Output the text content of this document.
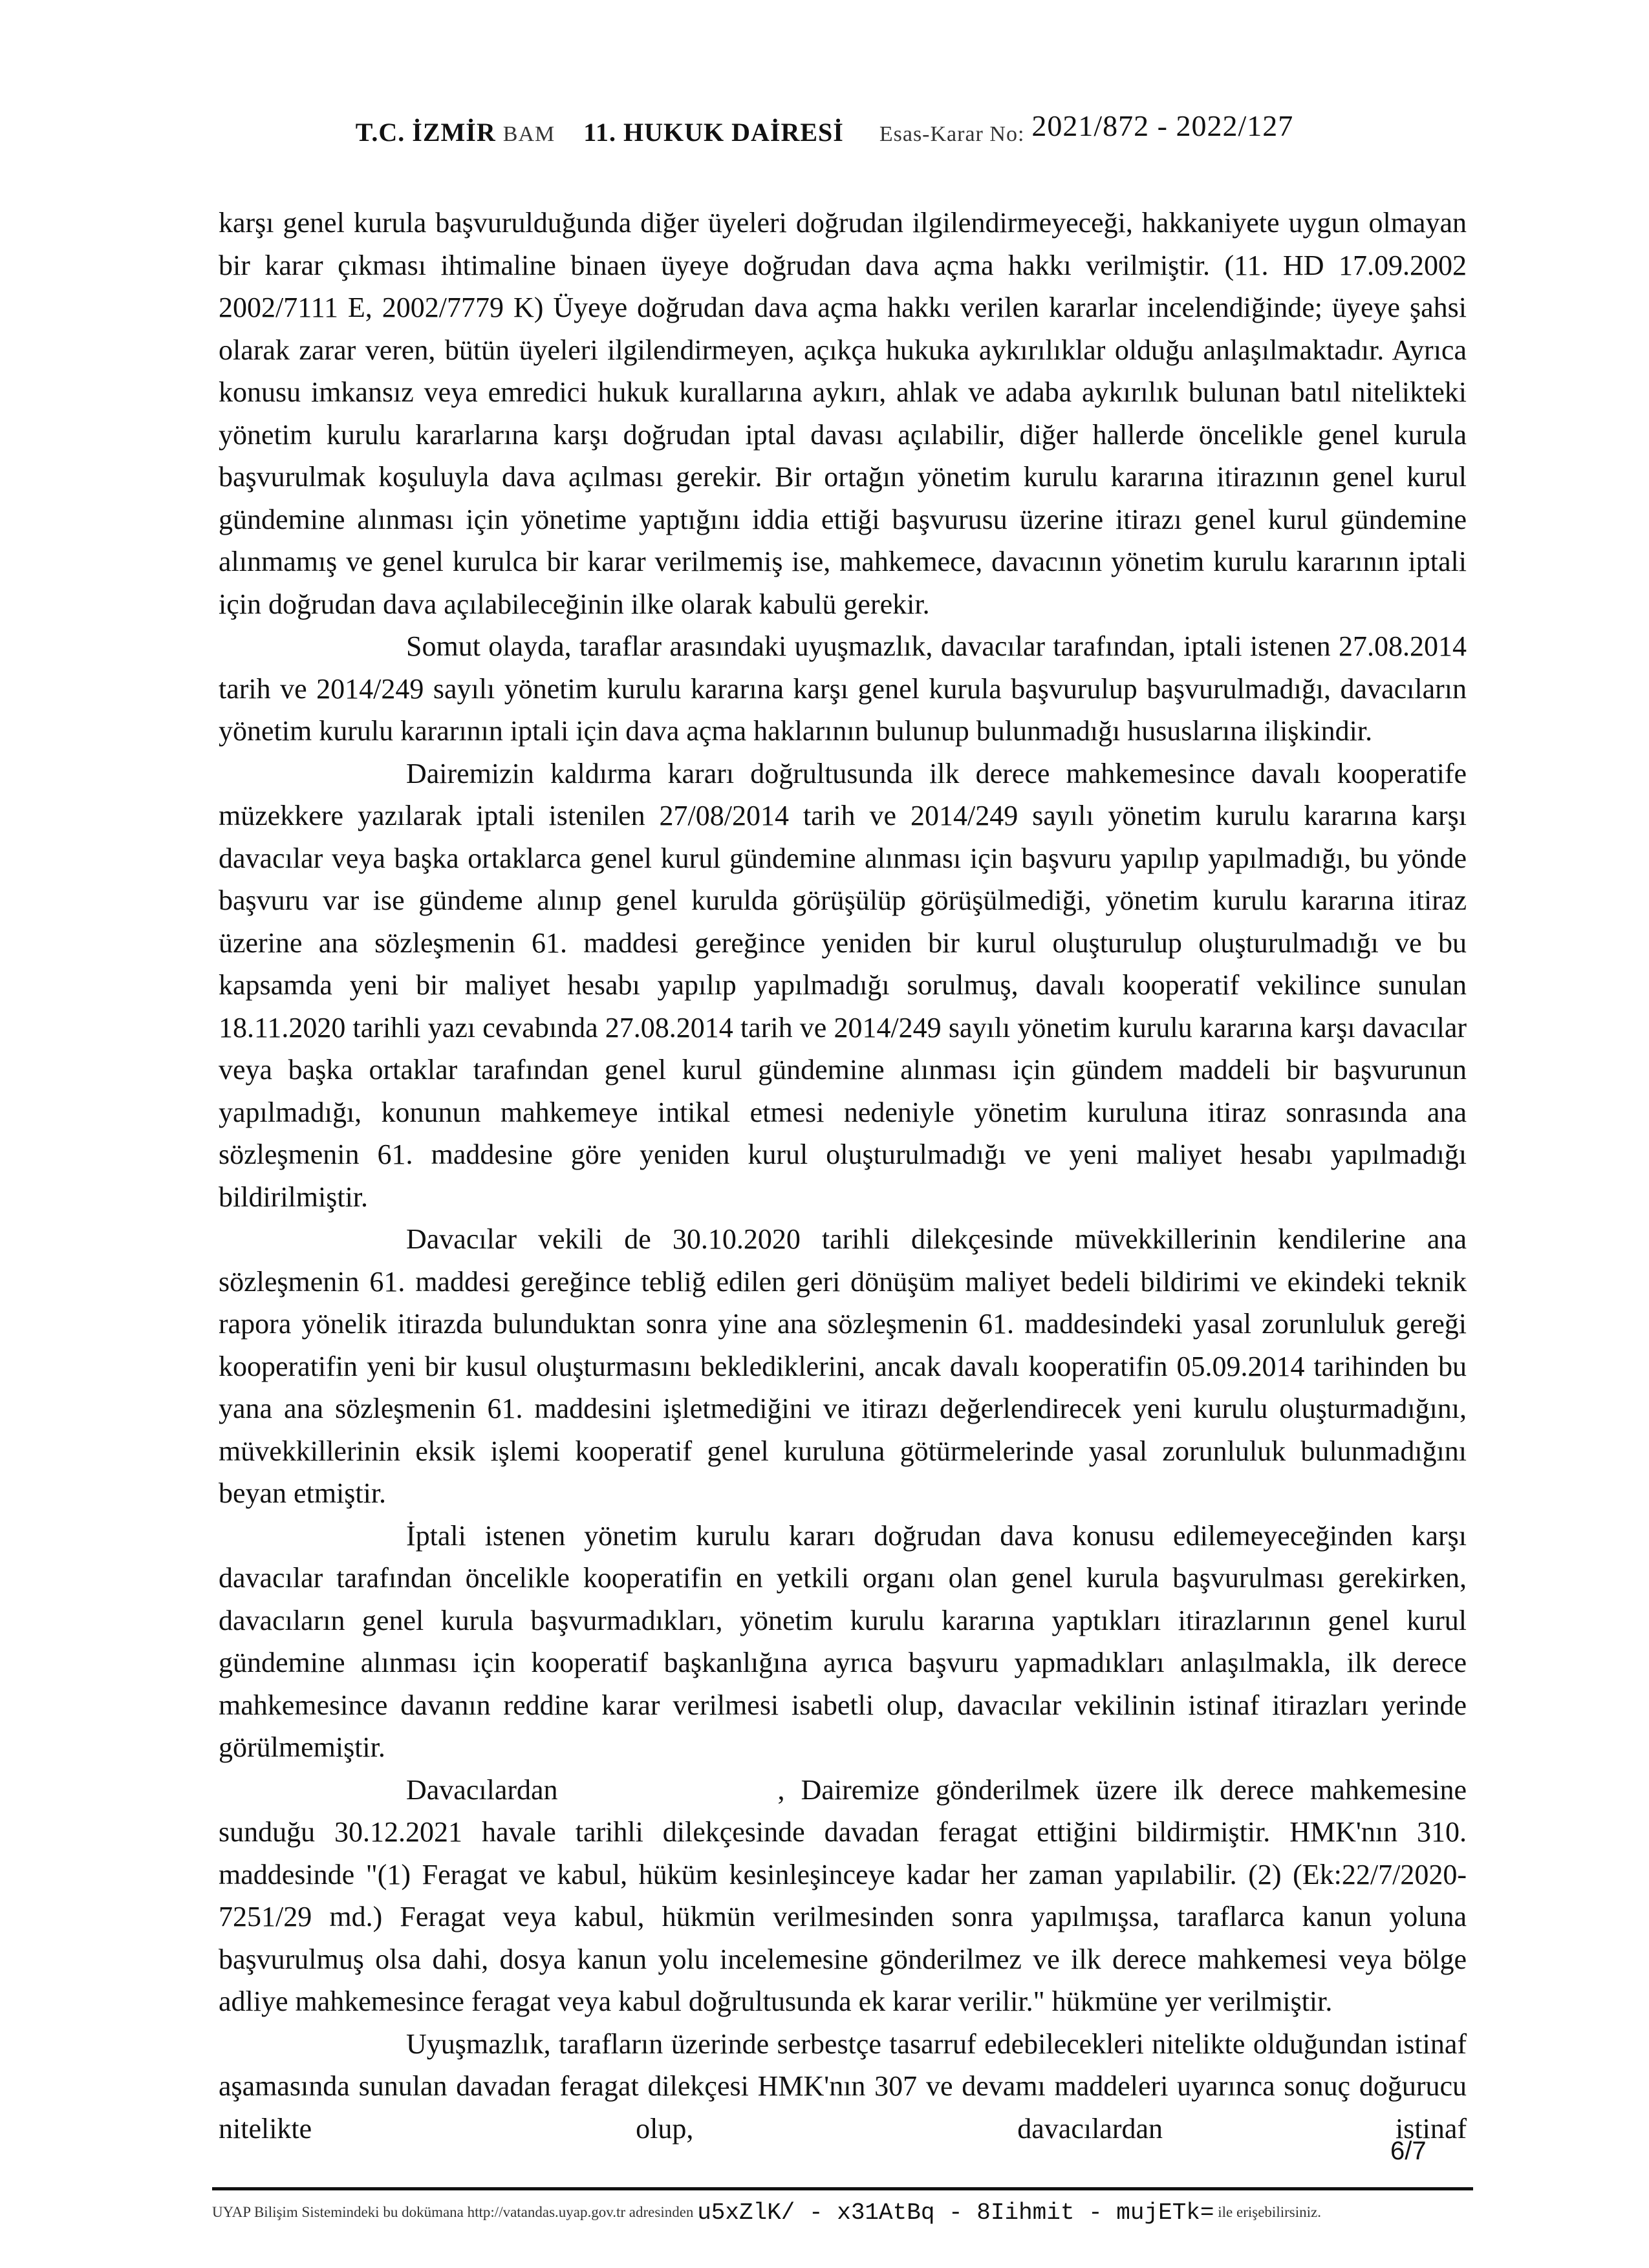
T.C. İZMİR BAM 11. HUKUK DAİRESİ Esas-Karar No: 2021/872 - 2022/127

karşı genel kurula başvurulduğunda diğer üyeleri doğrudan ilgilendirmeyeceği, hakkaniyete uygun olmayan bir karar çıkması ihtimaline binaen üyeye doğrudan dava açma hakkı verilmiştir. (11. HD 17.09.2002 2002/7111 E, 2002/7779 K) Üyeye doğrudan dava açma hakkı verilen kararlar incelendiğinde; üyeye şahsi olarak zarar veren, bütün üyeleri ilgilendirmeyen, açıkça hukuka aykırılıklar olduğu anlaşılmaktadır. Ayrıca konusu imkansız veya emredici hukuk kurallarına aykırı, ahlak ve adaba aykırılık bulunan batıl nitelikteki yönetim kurulu kararlarına karşı doğrudan iptal davası açılabilir, diğer hallerde öncelikle genel kurula başvurulmak koşuluyla dava açılması gerekir. Bir ortağın yönetim kurulu kararına itirazının genel kurul gündemine alınması için yönetime yaptığını iddia ettiği başvurusu üzerine itirazı genel kurul gündemine alınmamış ve genel kurulca bir karar verilmemiş ise, mahkemece, davacının yönetim kurulu kararının iptali için doğrudan dava açılabileceğinin ilke olarak kabulü gerekir.

Somut olayda, taraflar arasındaki uyuşmazlık, davacılar tarafından, iptali istenen 27.08.2014 tarih ve 2014/249 sayılı yönetim kurulu kararına karşı genel kurula başvurulup başvurulmadığı, davacıların yönetim kurulu kararının iptali için dava açma haklarının bulunup bulunmadığı hususlarına ilişkindir.

Dairemizin kaldırma kararı doğrultusunda ilk derece mahkemesince davalı kooperatife müzekkere yazılarak iptali istenilen 27/08/2014 tarih ve 2014/249 sayılı yönetim kurulu kararına karşı davacılar veya başka ortaklarca genel kurul gündemine alınması için başvuru yapılıp yapılmadığı, bu yönde başvuru var ise gündeme alınıp genel kurulda görüşülüp görüşülmediği, yönetim kurulu kararına itiraz üzerine ana sözleşmenin 61. maddesi gereğince yeniden bir kurul oluşturulup oluşturulmadığı ve bu kapsamda yeni bir maliyet hesabı yapılıp yapılmadığı sorulmuş, davalı kooperatif vekilince sunulan 18.11.2020 tarihli yazı cevabında 27.08.2014 tarih ve 2014/249 sayılı yönetim kurulu kararına karşı davacılar veya başka ortaklar tarafından genel kurul gündemine alınması için gündem maddeli bir başvurunun yapılmadığı, konunun mahkemeye intikal etmesi nedeniyle yönetim kuruluna itiraz sonrasında ana sözleşmenin 61. maddesine göre yeniden kurul oluşturulmadığı ve yeni maliyet hesabı yapılmadığı bildirilmiştir.

Davacılar vekili de 30.10.2020 tarihli dilekçesinde müvekkillerinin kendilerine ana sözleşmenin 61. maddesi gereğince tebliğ edilen geri dönüşüm maliyet bedeli bildirimi ve ekindeki teknik rapora yönelik itirazda bulunduktan sonra yine ana sözleşmenin 61. maddesindeki yasal zorunluluk gereği kooperatifin yeni bir kusul oluşturmasını beklediklerini, ancak davalı kooperatifin 05.09.2014 tarihinden bu yana ana sözleşmenin 61. maddesini işletmediğini ve itirazı değerlendirecek yeni kurulu oluşturmadığını, müvekkillerinin eksik işlemi kooperatif genel kuruluna götürmelerinde yasal zorunluluk bulunmadığını beyan etmiştir.

İptali istenen yönetim kurulu kararı doğrudan dava konusu edilemeyeceğinden karşı davacılar tarafından öncelikle kooperatifin en yetkili organı olan genel kurula başvurulması gerekirken, davacıların genel kurula başvurmadıkları, yönetim kurulu kararına yaptıkları itirazlarının genel kurul gündemine alınması için kooperatif başkanlığına ayrıca başvuru yapmadıkları anlaşılmakla, ilk derece mahkemesince davanın reddine karar verilmesi isabetli olup, davacılar vekilinin istinaf itirazları yerinde görülmemiştir.

Davacılardan	, Dairemize gönderilmek üzere ilk derece mahkemesine sunduğu 30.12.2021 havale tarihli dilekçesinde davadan feragat ettiğini bildirmiştir. HMK'nın 310. maddesinde "(1) Feragat ve kabul, hüküm kesinleşinceye kadar her zaman yapılabilir. (2) (Ek:22/7/2020-7251/29 md.) Feragat veya kabul, hükmün verilmesinden sonra yapılmışsa, taraflarca kanun yoluna başvurulmuş olsa dahi, dosya kanun yolu incelemesine gönderilmez ve ilk derece mahkemesi veya bölge adliye mahkemesince feragat veya kabul doğrultusunda ek karar verilir." hükmüne yer verilmiştir.

Uyuşmazlık, tarafların üzerinde serbestçe tasarruf edebilecekleri nitelikte olduğundan istinaf aşamasında sunulan davadan feragat dilekçesi HMK'nın 307 ve devamı maddeleri uyarınca sonuç doğurucu nitelikte olup, davacılardan	istinaf

6/7
UYAP Bilişim Sistemindeki bu dokümana http://vatandas.uyap.gov.tr adresinden u5xZlK/ - x31AtBq - 8Iihmit - mujETk= ile erişebilirsiniz.
